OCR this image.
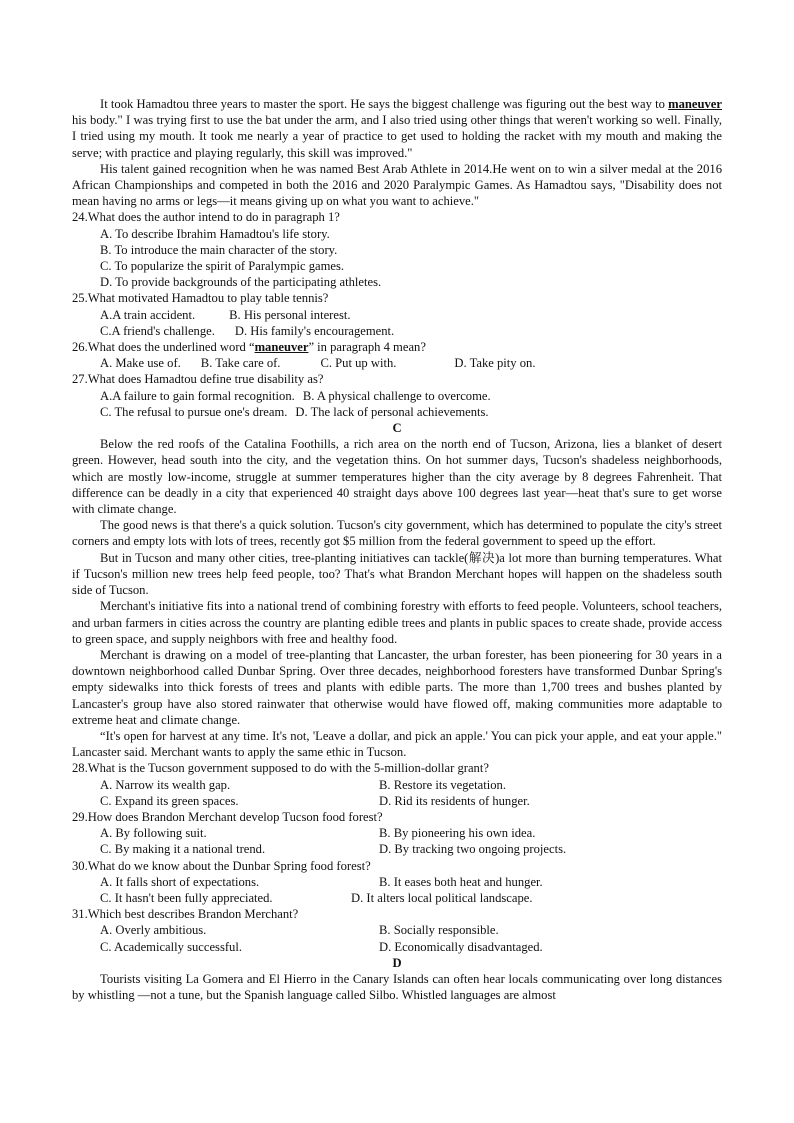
It took Hamadtou three years to master the sport. He says the biggest challenge was figuring out the best way to maneuver his body." I was trying first to use the bat under the arm, and I also tried using other things that weren't working so well. Finally, I tried using my mouth. It took me nearly a year of practice to get used to holding the racket with my mouth and making the serve; with practice and playing regularly, this skill was improved."

His talent gained recognition when he was named Best Arab Athlete in 2014.He went on to win a silver medal at the 2016 African Championships and competed in both the 2016 and 2020 Paralympic Games. As Hamadtou says, "Disability does not mean having no arms or legs—it means giving up on what you want to achieve."

24.What does the author intend to do in paragraph 1?

A. To describe Ibrahim Hamadtou's life story.

B. To introduce the main character of the story.

C. To popularize the spirit of Paralympic games.

D. To provide backgrounds of the participating athletes.

25.What motivated Hamadtou to play table tennis?

A.A train accident.	B. His personal interest.

C.A friend's challenge. D. His family's encouragement.

26.What does the underlined word “maneuver” in paragraph 4 mean?

A. Make use of. B. Take care of.	C. Put up with.	D. Take pity on.

27.What does Hamadtou define true disability as?

A.A failure to gain formal recognition. B. A physical challenge to overcome.

C. The refusal to pursue one's dream. D. The lack of personal achievements.

C

Below the red roofs of the Catalina Foothills, a rich area on the north end of Tucson, Arizona, lies a blanket of desert green. However, head south into the city, and the vegetation thins. On hot summer days, Tucson's shadeless neighborhoods, which are mostly low-income, struggle at summer temperatures higher than the city average by 8 degrees Fahrenheit. That difference can be deadly in a city that experienced 40 straight days above 100 degrees last year—heat that's sure to get worse with climate change.

The good news is that there's a quick solution. Tucson's city government, which has determined to populate the city's street corners and empty lots with lots of trees, recently got $5 million from the federal government to speed up the effort.

But in Tucson and many other cities, tree-planting initiatives can tackle(解决)a lot more than burning temperatures. What if Tucson's million new trees help feed people, too? That's what Brandon Merchant hopes will happen on the shadeless south side of Tucson.

Merchant's initiative fits into a national trend of combining forestry with efforts to feed people. Volunteers, school teachers, and urban farmers in cities across the country are planting edible trees and plants in public spaces to create shade, provide access to green space, and supply neighbors with free and healthy food.

Merchant is drawing on a model of tree-planting that Lancaster, the urban forester, has been pioneering for 30 years in a downtown neighborhood called Dunbar Spring. Over three decades, neighborhood foresters have transformed Dunbar Spring's empty sidewalks into thick forests of trees and plants with edible parts. The more than 1,700 trees and bushes planted by Lancaster's group have also stored rainwater that otherwise would have flowed off, making communities more adaptable to extreme heat and climate change.

“It's open for harvest at any time. It's not, 'Leave a dollar, and pick an apple.' You can pick your apple, and eat your apple." Lancaster said. Merchant wants to apply the same ethic in Tucson.

28.What is the Tucson government supposed to do with the 5-million-dollar grant?

A. Narrow its wealth gap.	B. Restore its vegetation.
C. Expand its green spaces.	D. Rid its residents of hunger.

29.How does Brandon Merchant develop Tucson food forest?

A. By following suit.	B. By pioneering his own idea.
C. By making it a national trend.	D. By tracking two ongoing projects.

30.What do we know about the Dunbar Spring food forest?

A. It falls short of expectations.	B. It eases both heat and hunger.
C. It hasn't been fully appreciated.	D. It alters local political landscape.

31.Which best describes Brandon Merchant?

A. Overly ambitious.	B. Socially responsible.
C. Academically successful.	D. Economically disadvantaged.

D

Tourists visiting La Gomera and El Hierro in the Canary Islands can often hear locals communicating over long distances by whistling —not a tune, but the Spanish language called Silbo. Whistled languages are almost
